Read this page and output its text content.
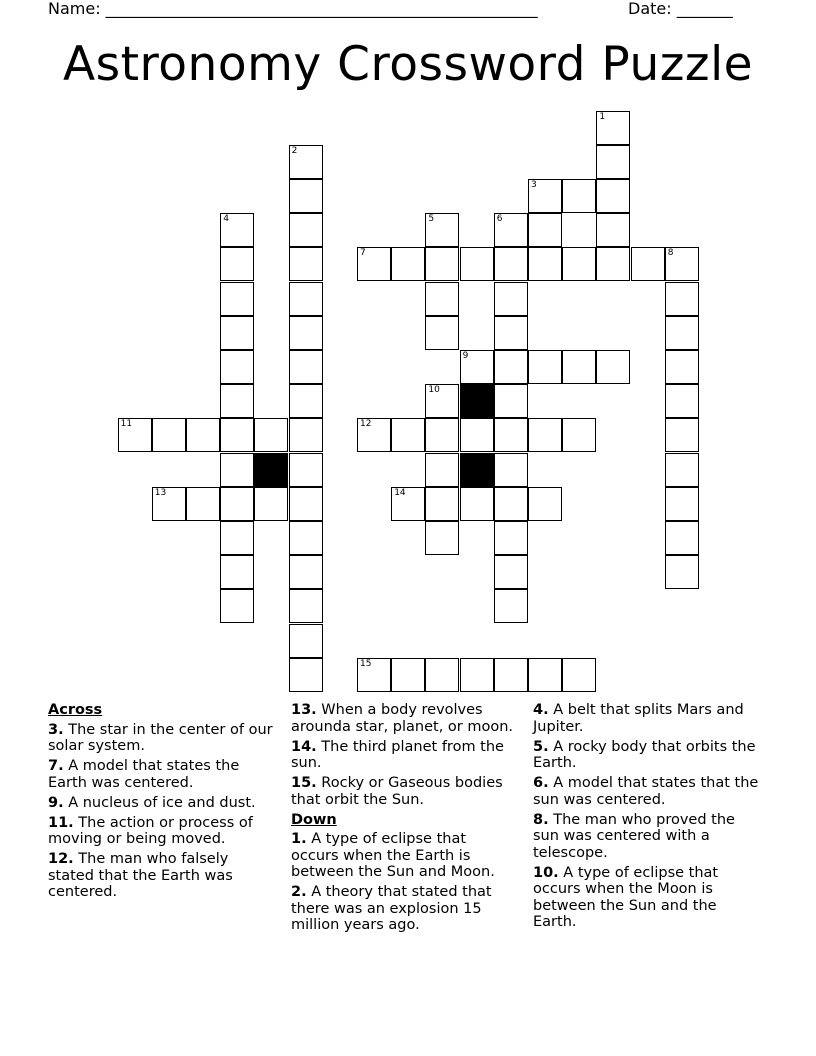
Name: ______________________________________________________	Date: _______
Astronomy Crossword Puzzle
1
2
3
4	5	6
7	8
9
10
11	12
13	14
15
Across
3. The star in the center of our solar system.
7. A model that states the Earth was centered.
9. A nucleus of ice and dust.
11. The action or process of moving or being moved.
12. The man who falsely stated that the Earth was centered.
13. When a body revolves arounda star, planet, or moon.
14. The third planet from the sun.
15. Rocky or Gaseous bodies that orbit the Sun.
Down
1. A type of eclipse that occurs when the Earth is between the Sun and Moon.
2. A theory that stated that there was an explosion 15 million years ago.
4. A belt that splits Mars and Jupiter.
5. A rocky body that orbits the Earth.
6. A model that states that the sun was centered.
8. The man who proved the sun was centered with a telescope.
10. A type of eclipse that occurs when the Moon is between the Sun and the Earth.
